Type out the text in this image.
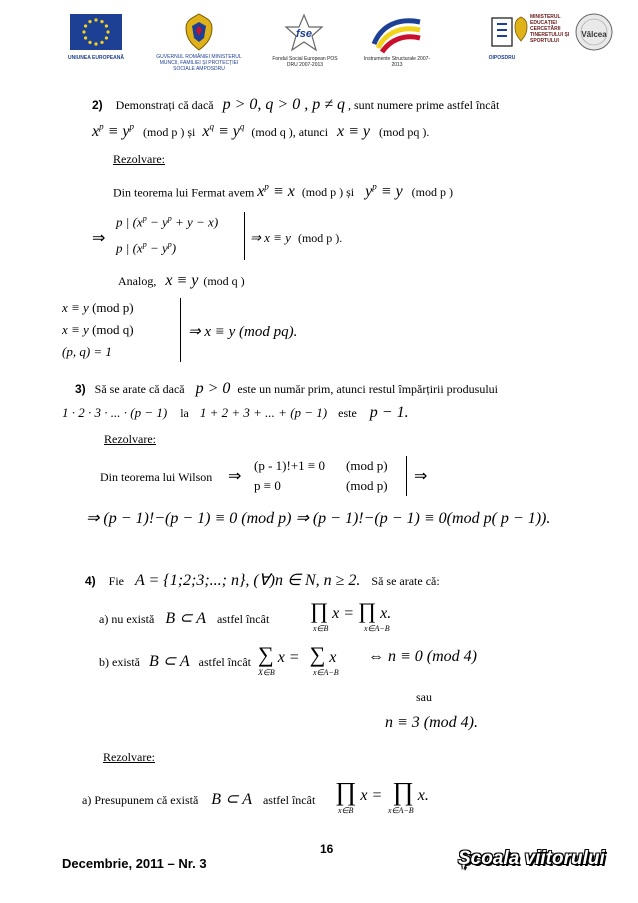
UNIUNEA EUROPEANĂ	GUVERNUL ROMÂNIEI MINISTERUL MUNCII, FAMILIEI ȘI PROTECȚIEI SOCIALE AMPOSDRU
fse
Fondul Social European POS DRU 2007-2013
Instrumente Structurale 2007-2013
OIPOSDRU
MINISTERUL EDUCAȚIEI CERCETĂRII TINERETULUI ȘI SPORTULUI
Vâlcea
2) Demonstrați că dacă p > 0, q > 0 , p ≠ q , sunt numere prime astfel încât
$x^p \equiv y^p$ (mod p ) și $x^q \equiv y^q$ (mod q ), atunci x ≡ y (mod pq ).
Rezolvare:
Din teorema lui Fermat avem $x^p \equiv x$ (mod p ) și $y^p \equiv y$ (mod p )
⇒
p | $(x^p - y^p + y - x)$
p | $(x^p - y^p)$
⇒ x ≡ y (mod p ).
Analog, x ≡ y (mod q )
x ≡ y (mod p)
x ≡ y (mod q)
(p, q) = 1
⇒ x ≡ y (mod pq).
3) Să se arate că dacă p > 0 este un număr prim, atunci restul împărțirii produsului
1 · 2 · 3 · ... · (p − 1) la 1 + 2 + 3 + ... + (p − 1) este p − 1.
Rezolvare:
Din teorema lui Wilson ⇒
(p - 1)!+1 ≡ 0 (mod p)
p ≡ 0	(mod p)
⇒
⇒ (p − 1)!−(p − 1) ≡ 0 (mod p) ⇒ (p − 1)!−(p − 1) ≡ 0(mod p( p − 1)).
4) Fie A = {1;2;3;...; n}, (∀)n ∈ N, n ≥ 2. Să se arate că:
a) nu există B ⊂ A astfel încât ∏ x = ∏ x.
x∈B	x∈A−B
b) există B ⊂ A astfel încât ∑ x = ∑ x
X∈B	x∈A−B
⇔ n ≡ 0 (mod 4)
sau
n ≡ 3 (mod 4).
Rezolvare:
a) Presupunem că există B ⊂ A astfel încât ∏ x = ∏ x.
x∈B	x∈A−B
16
Decembrie, 2011 – Nr. 3	Școala viitorului
